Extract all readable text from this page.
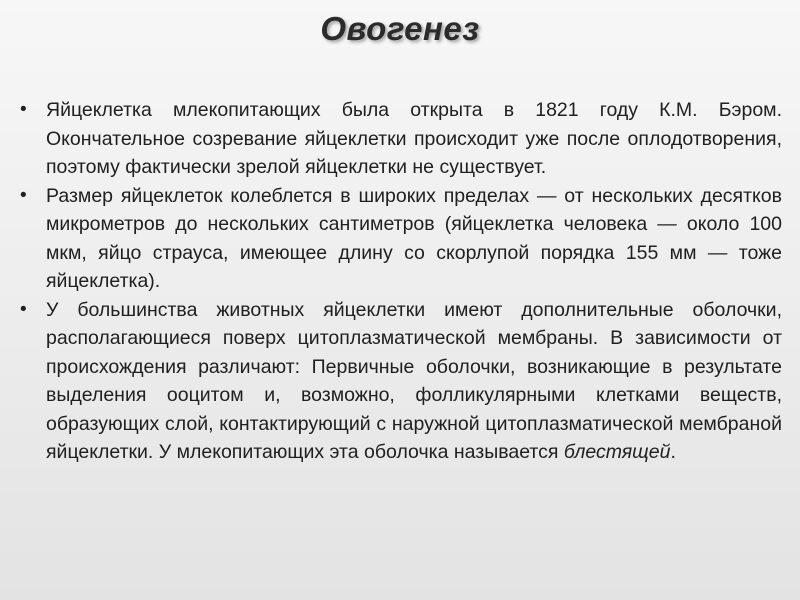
Овогенез
• Яйцеклетка млекопитающих была открыта в 1821 году К.М. Бэром. Окончательное созревание яйцеклетки происходит уже после оплодотворения, поэтому фактически зрелой яйцеклетки не существует.
• Размер яйцеклеток колеблется в широких пределах — от нескольких десятков микрометров до нескольких сантиметров (яйцеклетка человека — около 100 мкм, яйцо страуса, имеющее длину со скорлупой порядка 155 мм — тоже яйцеклетка).
• У большинства животных яйцеклетки имеют дополнительные оболочки, располагающиеся поверх цитоплазматической мембраны. В зависимости от происхождения различают: Первичные оболочки, возникающие в результате выделения ооцитом и, возможно, фолликулярными клетками веществ, образующих слой, контактирующий с наружной цитоплазматической мембраной яйцеклетки. У млекопитающих эта оболочка называется блестящей.
